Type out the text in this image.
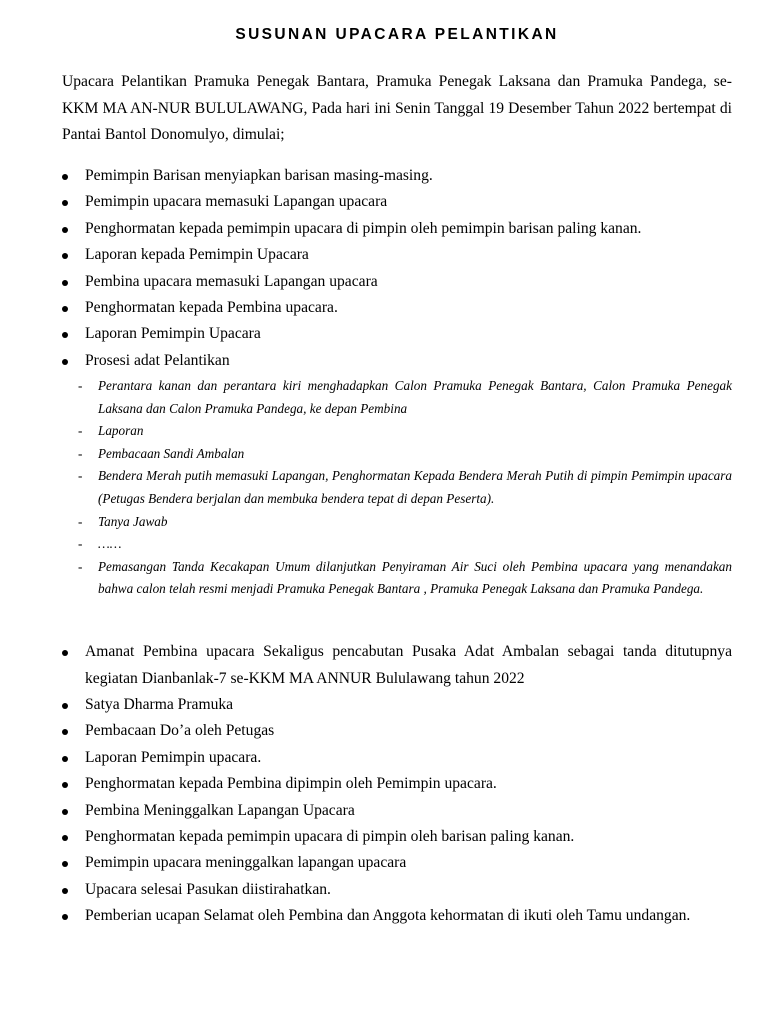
SUSUNAN UPACARA PELANTIKAN
Upacara Pelantikan Pramuka Penegak Bantara, Pramuka Penegak Laksana dan Pramuka Pandega, se-KKM MA AN-NUR BULULAWANG, Pada hari ini Senin Tanggal 19 Desember Tahun 2022 bertempat di Pantai Bantol Donomulyo, dimulai;
Pemimpin Barisan menyiapkan barisan masing-masing.
Pemimpin upacara memasuki Lapangan upacara
Penghormatan kepada pemimpin upacara di pimpin oleh pemimpin barisan paling kanan.
Laporan kepada Pemimpin Upacara
Pembina upacara memasuki Lapangan upacara
Penghormatan kepada Pembina upacara.
Laporan Pemimpin Upacara
Prosesi adat Pelantikan
- Perantara kanan dan perantara kiri menghadapkan Calon Pramuka Penegak Bantara, Calon Pramuka Penegak Laksana dan Calon Pramuka Pandega, ke depan Pembina
- Laporan
- Pembacaan Sandi Ambalan
- Bendera Merah putih memasuki Lapangan, Penghormatan Kepada Bendera Merah Putih di pimpin Pemimpin upacara (Petugas Bendera berjalan dan membuka bendera tepat di depan Peserta).
- Tanya Jawab
- ……
- Pemasangan Tanda Kecakapan Umum dilanjutkan Penyiraman Air Suci oleh Pembina upacara yang menandakan bahwa calon telah resmi menjadi Pramuka Penegak Bantara , Pramuka Penegak Laksana dan Pramuka Pandega.
Amanat Pembina upacara Sekaligus pencabutan Pusaka Adat Ambalan sebagai tanda ditutupnya kegiatan Dianbanlak-7 se-KKM MA ANNUR Bululawang tahun 2022
Satya Dharma Pramuka
Pembacaan Do’a oleh Petugas
Laporan Pemimpin upacara.
Penghormatan kepada Pembina dipimpin oleh Pemimpin upacara.
Pembina Meninggalkan Lapangan Upacara
Penghormatan kepada pemimpin upacara di pimpin oleh barisan paling kanan.
Pemimpin upacara meninggalkan lapangan upacara
Upacara selesai Pasukan diistirahatkan.
Pemberian ucapan Selamat oleh Pembina dan Anggota kehormatan di ikuti oleh Tamu undangan.
